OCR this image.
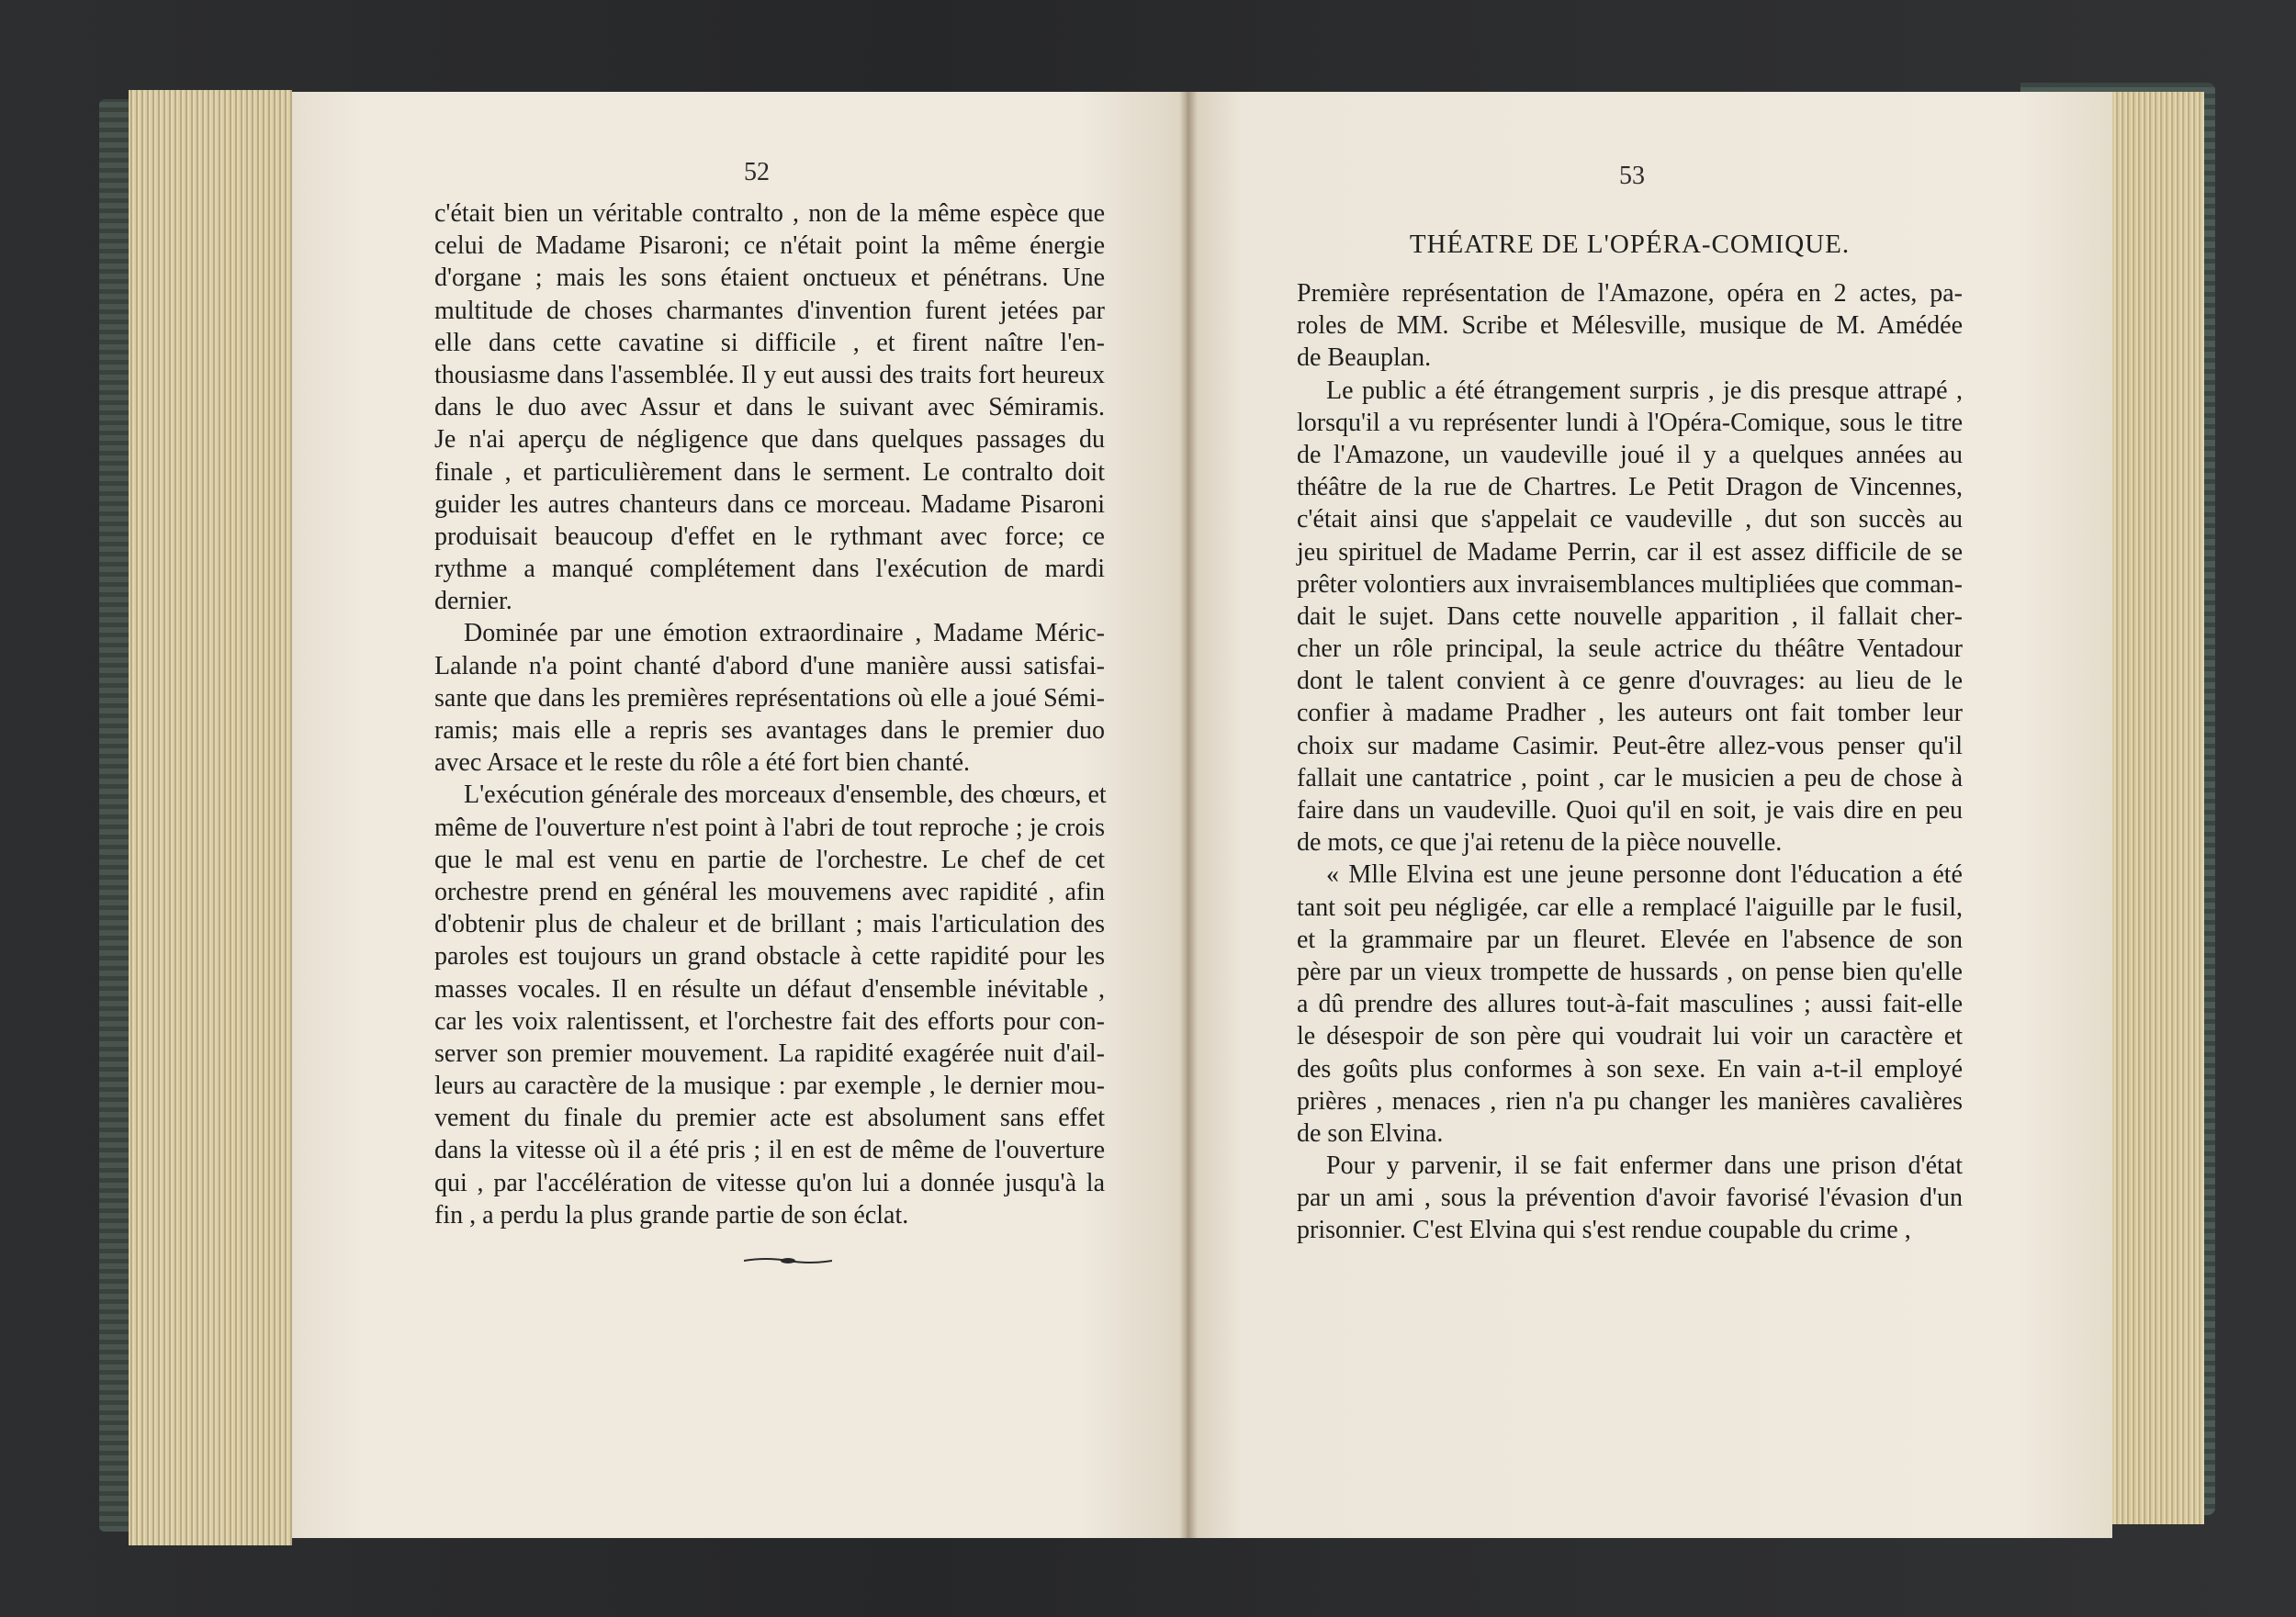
52	53
c'était bien un véritable contralto , non de la même espèce que
celui de Madame Pisaroni; ce n'était point la même énergie
d'organe ; mais les sons étaient onctueux et pénétrans. Une
multitude de choses charmantes d'invention furent jetées par
elle dans cette cavatine si difficile , et firent naître l'en-
thousiasme dans l'assemblée. Il y eut aussi des traits fort heureux
dans le duo avec Assur et dans le suivant avec Sémiramis.
Je n'ai aperçu de négligence que dans quelques passages du
finale , et particulièrement dans le serment. Le contralto doit
guider les autres chanteurs dans ce morceau. Madame Pisaroni
produisait beaucoup d'effet en le rythmant avec force; ce
rythme a manqué complétement dans l'exécution de mardi
dernier.
Dominée par une émotion extraordinaire , Madame Méric-
Lalande n'a point chanté d'abord d'une manière aussi satisfai-
sante que dans les premières représentations où elle a joué Sémi-
ramis; mais elle a repris ses avantages dans le premier duo
avec Arsace et le reste du rôle a été fort bien chanté.
L'exécution générale des morceaux d'ensemble, des chœurs, et
même de l'ouverture n'est point à l'abri de tout reproche ; je crois
que le mal est venu en partie de l'orchestre. Le chef de cet
orchestre prend en général les mouvemens avec rapidité , afin
d'obtenir plus de chaleur et de brillant ; mais l'articulation des
paroles est toujours un grand obstacle à cette rapidité pour les
masses vocales. Il en résulte un défaut d'ensemble inévitable ,
car les voix ralentissent, et l'orchestre fait des efforts pour con-
server son premier mouvement. La rapidité exagérée nuit d'ail-
leurs au caractère de la musique : par exemple , le dernier mou-
vement du finale du premier acte est absolument sans effet
dans la vitesse où il a été pris ; il en est de même de l'ouverture
qui , par l'accélération de vitesse qu'on lui a donnée jusqu'à la
fin , a perdu la plus grande partie de son éclat.
THÉATRE DE L'OPÉRA-COMIQUE.
Première représentation de l'Amazone, opéra en 2 actes, pa-
roles de MM. Scribe et Mélesville, musique de M. Amédée
de Beauplan.
Le public a été étrangement surpris , je dis presque attrapé ,
lorsqu'il a vu représenter lundi à l'Opéra-Comique, sous le titre
de l'Amazone, un vaudeville joué il y a quelques années au
théâtre de la rue de Chartres. Le Petit Dragon de Vincennes,
c'était ainsi que s'appelait ce vaudeville , dut son succès au
jeu spirituel de Madame Perrin, car il est assez difficile de se
prêter volontiers aux invraisemblances multipliées que comman-
dait le sujet. Dans cette nouvelle apparition , il fallait cher-
cher un rôle principal, la seule actrice du théâtre Ventadour
dont le talent convient à ce genre d'ouvrages: au lieu de le
confier à madame Pradher , les auteurs ont fait tomber leur
choix sur madame Casimir. Peut-être allez-vous penser qu'il
fallait une cantatrice , point , car le musicien a peu de chose à
faire dans un vaudeville. Quoi qu'il en soit, je vais dire en peu
de mots, ce que j'ai retenu de la pièce nouvelle.
« Mlle Elvina est une jeune personne dont l'éducation a été
tant soit peu négligée, car elle a remplacé l'aiguille par le fusil,
et la grammaire par un fleuret. Elevée en l'absence de son
père par un vieux trompette de hussards , on pense bien qu'elle
a dû prendre des allures tout-à-fait masculines ; aussi fait-elle
le désespoir de son père qui voudrait lui voir un caractère et
des goûts plus conformes à son sexe. En vain a-t-il employé
prières , menaces , rien n'a pu changer les manières cavalières
de son Elvina.
Pour y parvenir, il se fait enfermer dans une prison d'état
par un ami , sous la prévention d'avoir favorisé l'évasion d'un
prisonnier. C'est Elvina qui s'est rendue coupable du crime ,
